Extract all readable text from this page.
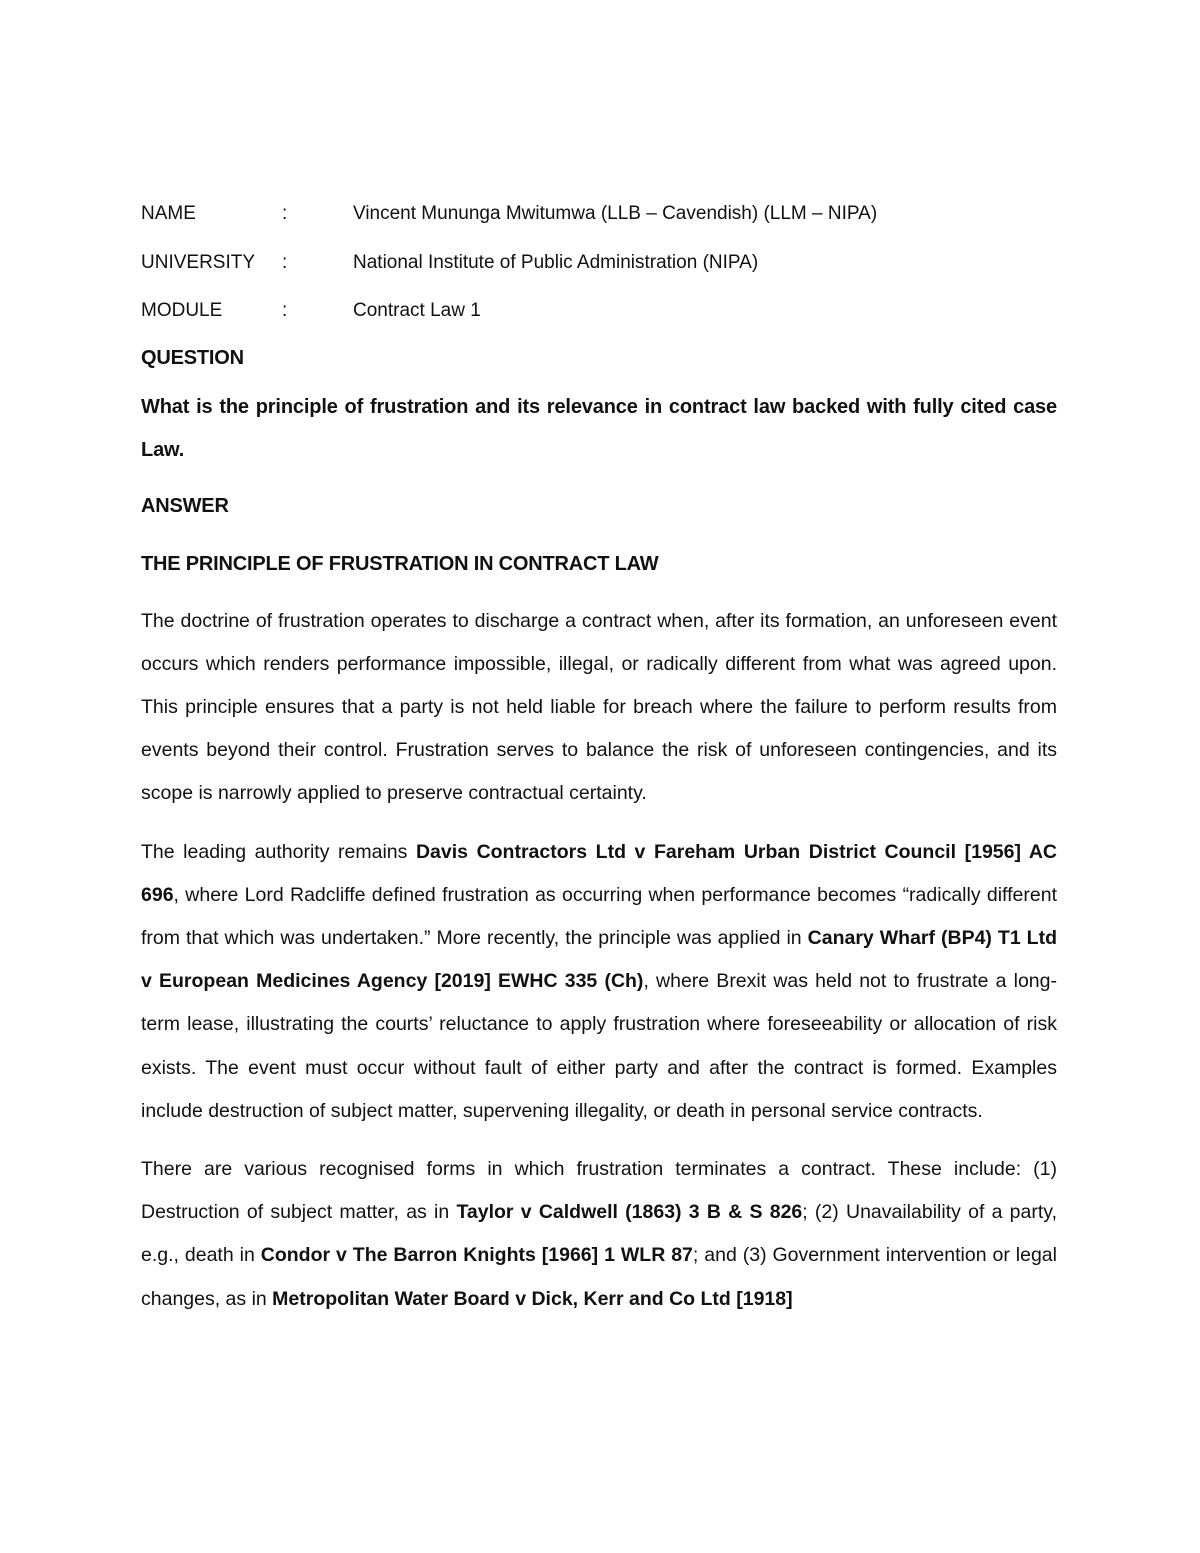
NAME	:	Vincent Mununga Mwitumwa (LLB – Cavendish) (LLM – NIPA)
UNIVERSITY	:	National Institute of Public Administration (NIPA)
MODULE	:	Contract Law 1
QUESTION
What is the principle of frustration and its relevance in contract law backed with fully cited case Law.
ANSWER
THE PRINCIPLE OF FRUSTRATION IN CONTRACT LAW

The doctrine of frustration operates to discharge a contract when, after its formation, an unforeseen event occurs which renders performance impossible, illegal, or radically different from what was agreed upon. This principle ensures that a party is not held liable for breach where the failure to perform results from events beyond their control. Frustration serves to balance the risk of unforeseen contingencies, and its scope is narrowly applied to preserve contractual certainty.

The leading authority remains Davis Contractors Ltd v Fareham Urban District Council [1956] AC 696, where Lord Radcliffe defined frustration as occurring when performance becomes “radically different from that which was undertaken.” More recently, the principle was applied in Canary Wharf (BP4) T1 Ltd v European Medicines Agency [2019] EWHC 335 (Ch), where Brexit was held not to frustrate a long-term lease, illustrating the courts’ reluctance to apply frustration where foreseeability or allocation of risk exists. The event must occur without fault of either party and after the contract is formed. Examples include destruction of subject matter, supervening illegality, or death in personal service contracts.

There are various recognised forms in which frustration terminates a contract. These include: (1) Destruction of subject matter, as in Taylor v Caldwell (1863) 3 B & S 826; (2) Unavailability of a party, e.g., death in Condor v The Barron Knights [1966] 1 WLR 87; and (3) Government intervention or legal changes, as in Metropolitan Water Board v Dick, Kerr and Co Ltd [1918]
